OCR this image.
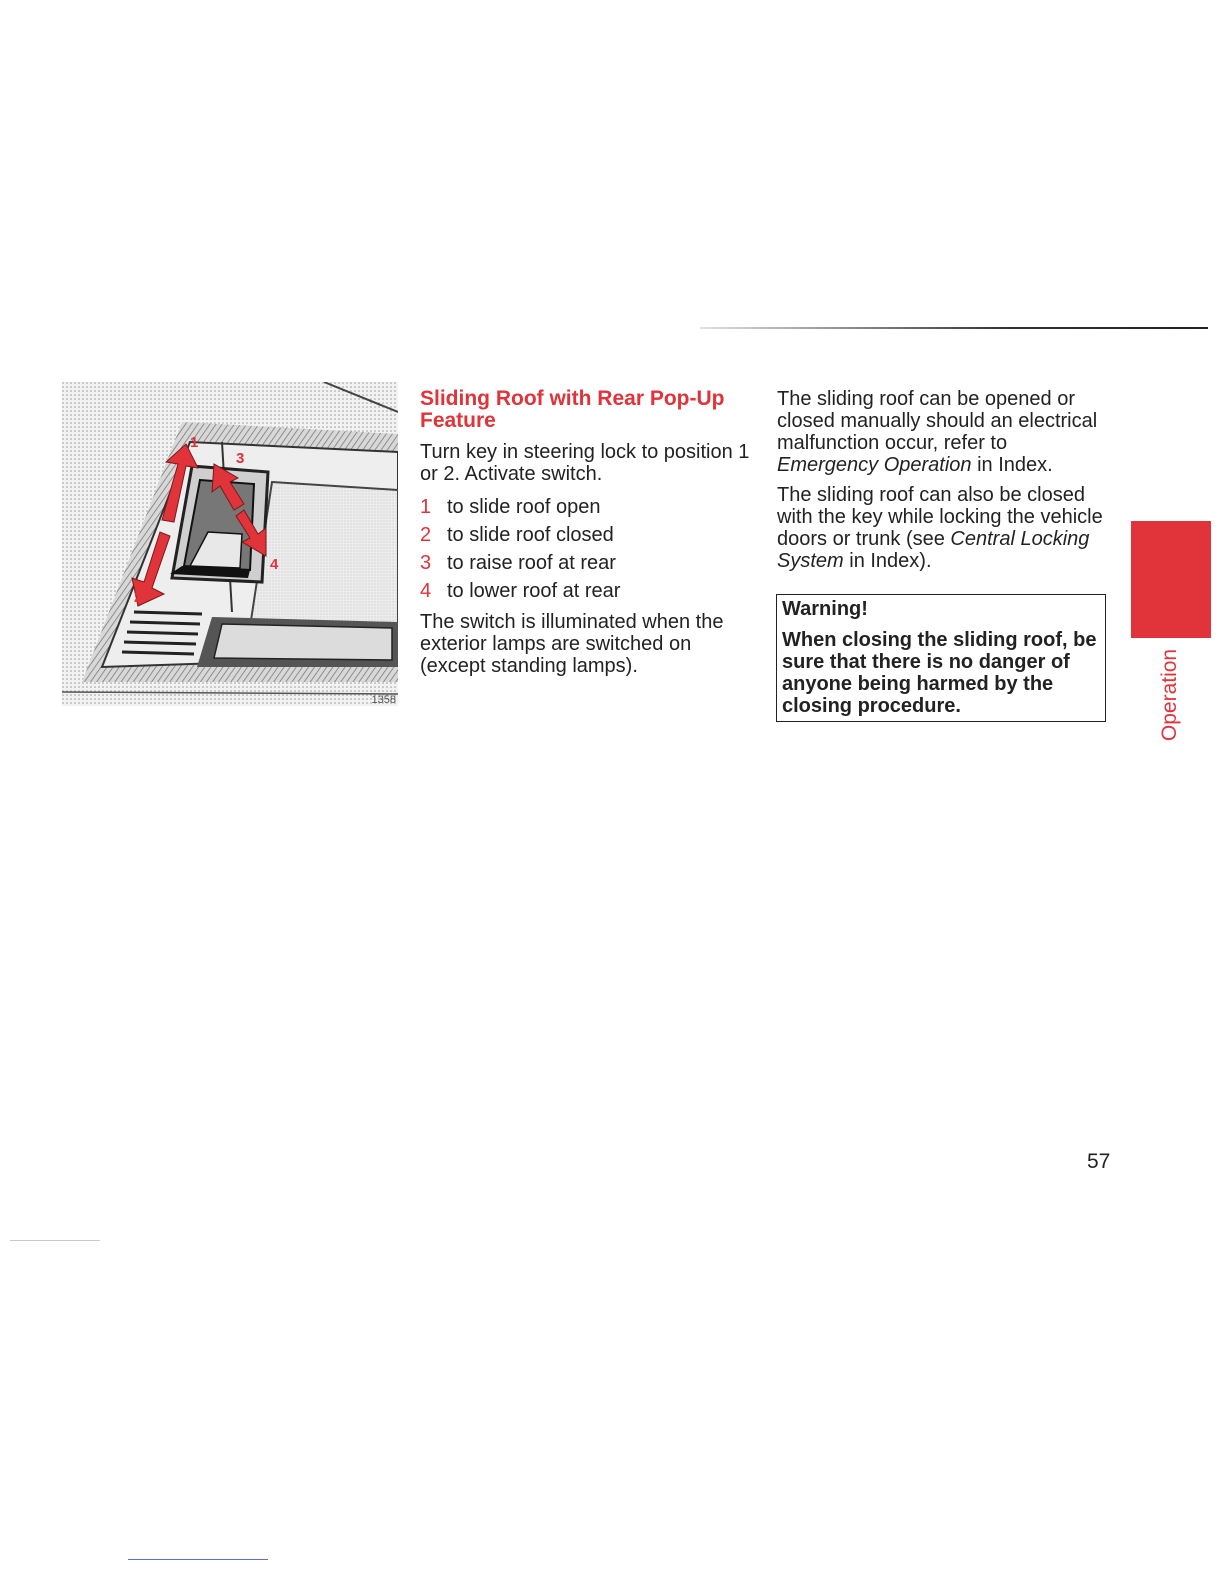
1
2
3
4
1358
Sliding Roof with Rear Pop-Up Feature

Turn key in steering lock to position 1 or 2. Activate switch.

1 to slide roof open
2 to slide roof closed
3 to raise roof at rear
4 to lower roof at rear

The switch is illuminated when the exterior lamps are switched on (except standing lamps).

The sliding roof can be opened or closed manually should an electrical malfunction occur, refer to Emergency Operation in Index.

The sliding roof can also be closed with the key while locking the vehicle doors or trunk (see Central Locking System in Index).

Warning!
When closing the sliding roof, be sure that there is no danger of anyone being harmed by the closing procedure.	Operation
57
